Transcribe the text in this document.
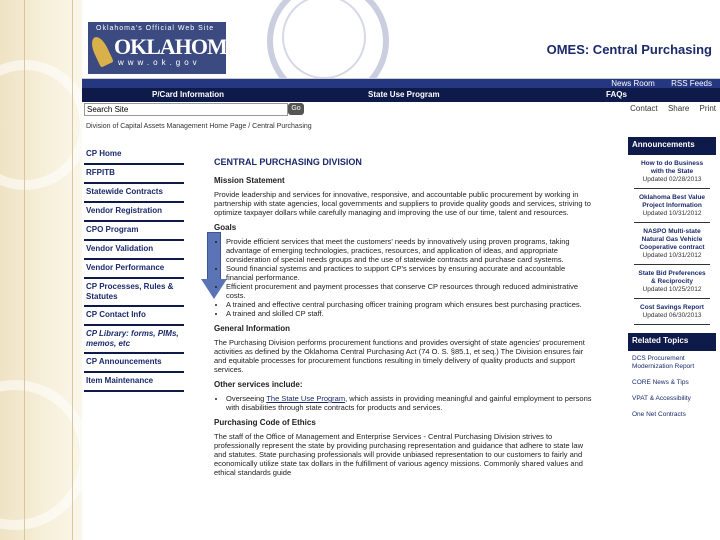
Oklahoma's Official Web Site
OKLAHOMA
www.ok.gov
OMES: Central Purchasing
News Room RSS Feeds
P/Card Information	State Use Program	FAQs
Search Site
Go	Contact Share Print
Division of Capital Assets Management Home Page / Central Purchasing
CP Home
RFPITB
Statewide Contracts
Vendor Registration
CPO Program
Vendor Validation
Vendor Performance
CP Processes, Rules & Statutes
CP Contact Info
CP Library: forms, PIMs, memos, etc
CP Announcements
Item Maintenance
CENTRAL PURCHASING DIVISION
Mission Statement
Provide leadership and services for innovative, responsive, and accountable public procurement by working in partnership with state agencies, local governments and suppliers to provide quality goods and services, striving to optimize taxpayer dollars while carefully managing and improving the use of our time, talent and resources.
Goals
• Provide efficient services that meet the customers' needs by innovatively using proven programs, taking advantage of emerging technologies, practices, resources, and application of ideas, and appropriate consideration of special needs groups and the use of statewide contracts and purchase card systems.
• Sound financial systems and practices to support CP's services by ensuring accurate and accountable financial performance.
• Efficient procurement and payment processes that conserve CP resources through reduced administrative costs.
• A trained and effective central purchasing officer training program which ensures best purchasing practices.
• A trained and skilled CP staff.
General Information
The Purchasing Division performs procurement functions and provides oversight of state agencies' procurement activities as defined by the Oklahoma Central Purchasing Act (74 O. S. §85.1, et seq.) The Division ensures fair and equitable processes for procurement functions resulting in timely delivery of quality products and support services.
Other services include:
• Overseeing The State Use Program, which assists in providing meaningful and gainful employment to persons with disabilities through state contracts for products and services.
Purchasing Code of Ethics
The staff of the Office of Management and Enterprise Services - Central Purchasing Division strives to professionally represent the state by providing purchasing representation and guidance that adhere to state law and statutes. State purchasing professionals will provide unbiased representation to our customers to fairly and economically utilize state tax dollars in the fulfillment of various agency missions. Commonly shared values and ethical standards guide
Announcements
How to do Business with the State
Updated 02/28/2013
Oklahoma Best Value Project Information
Updated 10/31/2012
NASPO Multi-state Natural Gas Vehicle Cooperative contract
Updated 10/31/2012
State Bid Preferences & Reciprocity
Updated 10/25/2012
Cost Savings Report
Updated 06/30/2013
Related Topics
DCS Procurement Modernization Report
CORE News & Tips
VPAT & Accessibility
One Net Contracts
